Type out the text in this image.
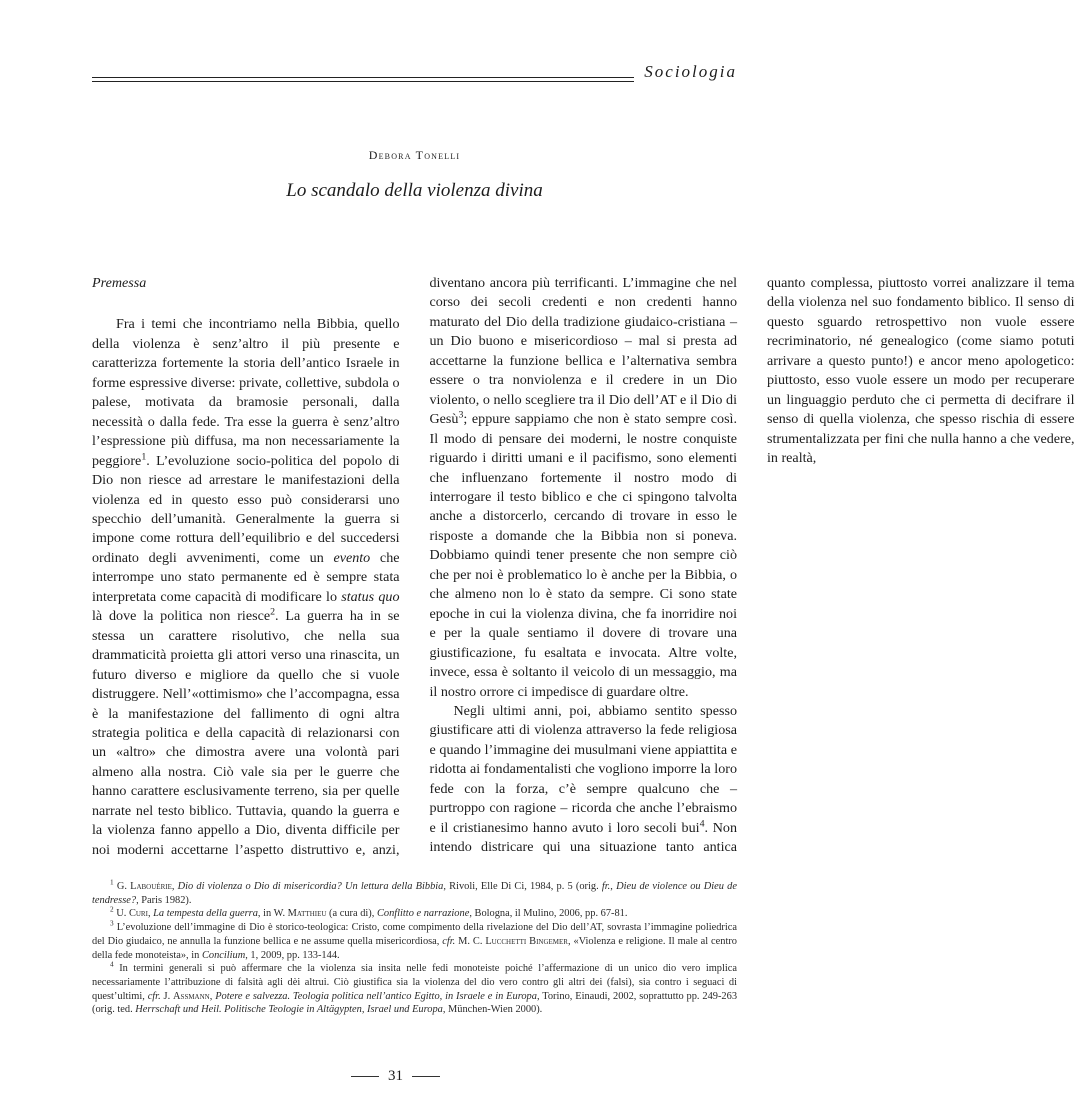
Sociologia
Debora Tonelli
Lo scandalo della violenza divina
Premessa

Fra i temi che incontriamo nella Bibbia, quello della violenza è senz’altro il più presente e caratterizza fortemente la storia dell’antico Israele in forme espressive diverse: private, collettive, subdola o palese, motivata da bramosie personali, dalla necessità o dalla fede. Tra esse la guerra è senz’altro l’espressione più diffusa, ma non necessariamente la peggiore$^1$. L’evoluzione socio-politica del popolo di Dio non riesce ad arrestare le manifestazioni della violenza ed in questo esso può considerarsi uno specchio dell’umanità. Generalmente la guerra si impone come rottura dell’equilibrio e del succedersi ordinato degli avvenimenti, come un evento che interrompe uno stato permanente ed è sempre stata interpretata come capacità di modificare lo status quo là dove la politica non riesce$^2$. La guerra ha in se stessa un carattere risolutivo, che nella sua drammaticità proietta gli attori verso una rinascita, un futuro diverso e migliore da quello che si vuole distruggere. Nell’«ottimismo» che l’accompagna, essa è la manifestazione del fallimento di ogni altra strategia politica e della capacità di relazionarsi con un «altro» che dimostra avere una volontà pari almeno alla nostra. Ciò vale sia per le guerre che hanno carattere esclusivamente terreno, sia per quelle narrate nel testo biblico. Tuttavia, quando la guerra e la violenza fanno appello a Dio, diventa difficile per noi moderni accettarne l’aspetto distruttivo e, anzi, diventano ancora più terrificanti. L’immagine che nel corso dei secoli credenti e non credenti hanno maturato del Dio della tradizione giudaico-cristiana – un Dio buono e misericordioso – mal si presta ad accettarne la funzione bellica e l’alternativa sembra essere o tra nonviolenza e il credere in un Dio violento, o nello scegliere tra il Dio dell’AT e il Dio di Gesù$^3$; eppure sappiamo che non è stato sempre così. Il modo di pensare dei moderni, le nostre conquiste riguardo i diritti umani e il pacifismo, sono elementi che influenzano fortemente il nostro modo di interrogare il testo biblico e che ci spingono talvolta anche a distorcerlo, cercando di trovare in esso le risposte a domande che la Bibbia non si poneva. Dobbiamo quindi tener presente che non sempre ciò che per noi è problematico lo è anche per la Bibbia, o che almeno non lo è stato da sempre. Ci sono state epoche in cui la violenza divina, che fa inorridire noi e per la quale sentiamo il dovere di trovare una giustificazione, fu esaltata e invocata. Altre volte, invece, essa è soltanto il veicolo di un messaggio, ma il nostro orrore ci impedisce di guardare oltre.

Negli ultimi anni, poi, abbiamo sentito spesso giustificare atti di violenza attraverso la fede religiosa e quando l’immagine dei musulmani viene appiattita e ridotta ai fondamentalisti che vogliono imporre la loro fede con la forza, c’è sempre qualcuno che – purtroppo con ragione – ricorda che anche l’ebraismo e il cristianesimo hanno avuto i loro secoli bui$^4$. Non intendo districare qui una situazione tanto antica quanto complessa, piuttosto vorrei analizzare il tema della violenza nel suo fondamento biblico. Il senso di questo sguardo retrospettivo non vuole essere recriminatorio, né genealogico (come siamo potuti arrivare a questo punto!) e ancor meno apologetico: piuttosto, esso vuole essere un modo per recuperare un linguaggio perduto che ci permetta di decifrare il senso di quella violenza, che spesso rischia di essere strumentalizzata per fini che nulla hanno a che vedere, in realtà,

$^1$ G. Labouérie, Dio di violenza o Dio di misericordia? Un lettura della Bibbia, Rivoli, Elle Di Ci, 1984, p. 5 (orig. fr., Dieu de violence ou Dieu de tendresse?, Paris 1982).

$^2$ U. Curi, La tempesta della guerra, in W. Matthieu (a cura di), Conflitto e narrazione, Bologna, il Mulino, 2006, pp. 67-81.

$^3$ L’evoluzione dell’immagine di Dio è storico-teologica: Cristo, come compimento della rivelazione del Dio dell’AT, sovrasta l’immagine poliedrica del Dio giudaico, ne annulla la funzione bellica e ne assume quella misericordiosa, cfr. M. C. Lucchetti Bingemer, «Violenza e religione. Il male al centro della fede monoteista», in Concilium, 1, 2009, pp. 133-144.

$^4$ In termini generali si può affermare che la violenza sia insita nelle fedi monoteiste poiché l’affermazione di un unico dio vero implica necessariamente l’attribuzione di falsità agli dèi altrui. Ciò giustifica sia la violenza del dio vero contro gli altri dei (falsi), sia contro i seguaci di quest’ultimi, cfr. J. Assmann, Potere e salvezza. Teologia politica nell’antico Egitto, in Israele e in Europa, Torino, Einaudi, 2002, soprattutto pp. 249-263 (orig. ted. Herrschaft und Heil. Politische Teologie in Altägypten, Israel und Europa, München-Wien 2000).

31
